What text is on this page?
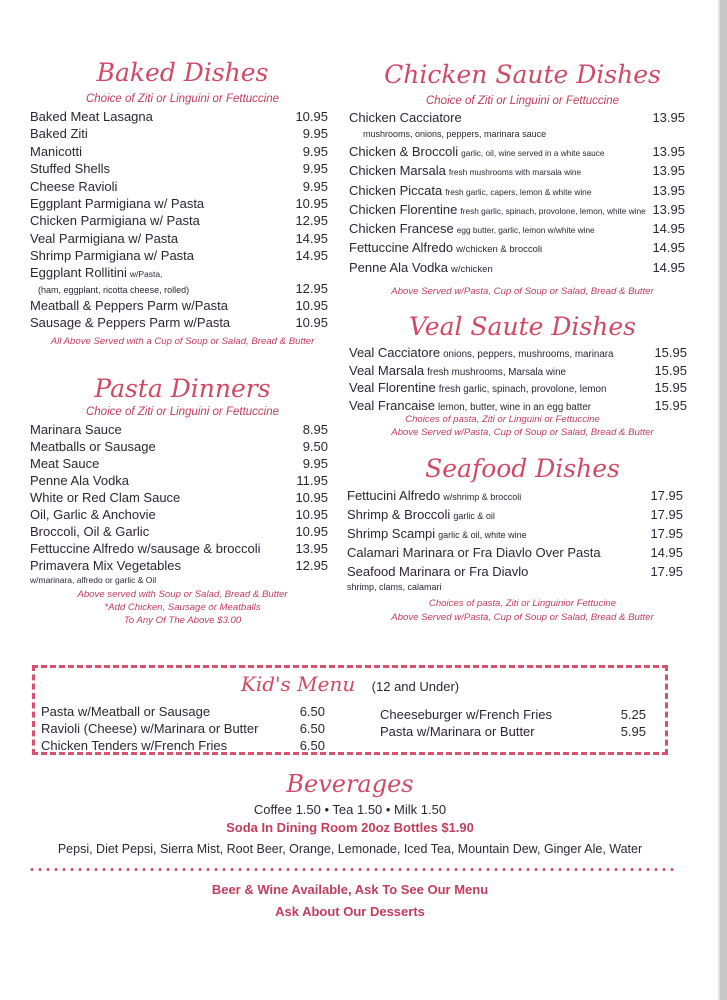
Baked Dishes
Choice of Ziti or Linguini or Fettuccine
Baked Meat Lasagna	10.95
Baked Ziti	9.95
Manicotti	9.95
Stuffed Shells	9.95
Cheese Ravioli	9.95
Eggplant Parmigiana w/ Pasta	10.95
Chicken Parmigiana w/ Pasta	12.95
Veal Parmigiana w/ Pasta	14.95
Shrimp Parmigiana w/ Pasta	14.95
Eggplant Rollitini w/Pasta,
(ham, eggplant, ricotta cheese, rolled)	12.95
Meatball & Peppers Parm w/Pasta	10.95
Sausage & Peppers Parm w/Pasta	10.95
All Above Served with a Cup of Soup or Salad, Bread & Butter
Pasta Dinners
Choice of Ziti or Linguini or Fettuccine
Marinara Sauce	8.95
Meatballs or Sausage	9.50
Meat Sauce	9.95
Penne Ala Vodka	11.95
White or Red Clam Sauce	10.95
Oil, Garlic & Anchovie	10.95
Broccoli, Oil & Garlic	10.95
Fettuccine Alfredo w/sausage & broccoli	13.95
Primavera Mix Vegetables	12.95
w/marinara, alfredo or garlic & Oil
Above served with Soup or Salad, Bread & Butter
*Add Chicken, Sausage or Meatballs
To Any Of The Above $3.00
Chicken Saute Dishes
Choice of Ziti or Linguini or Fettuccine
Chicken Cacciatore	13.95
mushrooms, onions, peppers, marinara sauce
Chicken & Broccoli garlic, oil, wine served in a white sauce	13.95
Chicken Marsala fresh mushrooms with marsala wine	13.95
Chicken Piccata fresh garlic, capers, lemon & white wine	13.95
Chicken Florentine fresh garlic, spinach, provolone, lemon, white wine 13.95
Chicken Francese egg butter, garlic, lemon w/white wine	14.95
Fettuccine Alfredo w/chicken & broccoli	14.95
Penne Ala Vodka w/chicken	14.95
Above Served w/Pasta, Cup of Soup or Salad, Bread & Butter
Veal Saute Dishes
Veal Cacciatore onions, peppers, mushrooms, marinara	15.95
Veal Marsala fresh mushrooms, Marsala wine	15.95
Veal Florentine fresh garlic, spinach, provolone, lemon	15.95
Veal Francaise lemon, butter, wine in an egg batter	15.95
Choices of pasta, Ziti or Linguini or Fettuccine
Above Served w/Pasta, Cup of Soup or Salad, Bread & Butter
Seafood Dishes
Fettucini Alfredo w/shrimp & broccoli	17.95
Shrimp & Broccoli garlic & oil	17.95
Shrimp Scampi garlic & oil, white wine	17.95
Calamari Marinara or Fra Diavlo Over Pasta	14.95
Seafood Marinara or Fra Diavlo	17.95
shrimp, clams, calamari
Choices of pasta, Ziti or Linguinior Fettucine
Above Served w/Pasta, Cup of Soup or Salad, Bread & Butter
Kid's Menu (12 and Under)
Pasta w/Meatball or Sausage	6.50
Ravioli (Cheese) w/Marinara or Butter	6.50
Chicken Tenders w/French Fries	6.50
Cheeseburger w/French Fries	5.25
Pasta w/Marinara or Butter	5.95
Beverages
Coffee 1.50 • Tea 1.50 • Milk 1.50
Soda In Dining Room 20oz Bottles $1.90
Pepsi, Diet Pepsi, Sierra Mist, Root Beer, Orange, Lemonade, Iced Tea, Mountain Dew, Ginger Ale, Water
Beer & Wine Available, Ask To See Our Menu
Ask About Our Desserts
